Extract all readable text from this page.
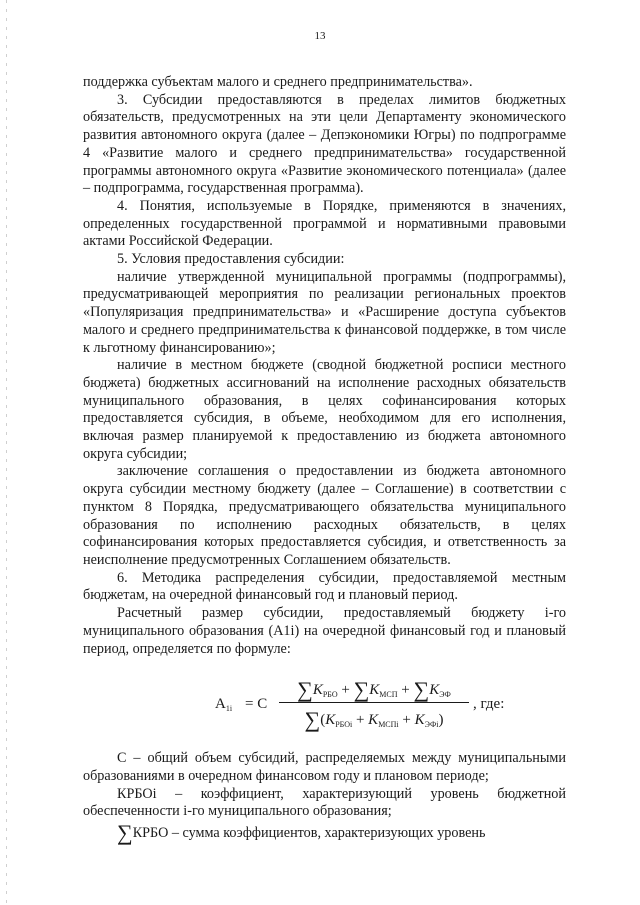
13

поддержка субъектам малого и среднего предпринимательства».

3. Субсидии предоставляются в пределах лимитов бюджетных обязательств, предусмотренных на эти цели Департаменту экономического развития автономного округа (далее – Депэкономики Югры) по подпрограмме 4 «Развитие малого и среднего предпринимательства» государственной программы автономного округа «Развитие экономического потенциала» (далее – подпрограмма, государственная программа).

4. Понятия, используемые в Порядке, применяются в значениях, определенных государственной программой и нормативными правовыми актами Российской Федерации.

5. Условия предоставления субсидии:

наличие утвержденной муниципальной программы (подпрограммы), предусматривающей мероприятия по реализации региональных проектов «Популяризация предпринимательства» и «Расширение доступа субъектов малого и среднего предпринимательства к финансовой поддержке, в том числе к льготному финансированию»;

наличие в местном бюджете (сводной бюджетной росписи местного бюджета) бюджетных ассигнований на исполнение расходных обязательств муниципального образования, в целях софинансирования которых предоставляется субсидия, в объеме, необходимом для его исполнения, включая размер планируемой к предоставлению из бюджета автономного округа субсидии;

заключение соглашения о предоставлении из бюджета автономного округа субсидии местному бюджету (далее – Соглашение) в соответствии с пунктом 8 Порядка, предусматривающего обязательства муниципального образования по исполнению расходных обязательств, в целях софинансирования которых предоставляется субсидия, и ответственность за неисполнение предусмотренных Соглашением обязательств.

6. Методика распределения субсидии, предоставляемой местным бюджетам, на очередной финансовый год и плановый период.

Расчетный размер субсидии, предоставляемый бюджету i-го муниципального образования (А1i) на очередной финансовый год и плановый период, определяется по формуле:

$A_{1i} = C$
$\sum K_{РБО} + \sum K_{МСП} + \sum K_{ЭФ}$
$\sum(K_{РБОi} + K_{МСПi} + K_{ЭФi})$
, где:

С – общий объем субсидий, распределяемых между муниципальными образованиями в очередном финансовом году и плановом периоде;

КРБОi – коэффициент, характеризующий уровень бюджетной обеспеченности i-го муниципального образования;

∑КРБО – сумма коэффициентов, характеризующих уровень
